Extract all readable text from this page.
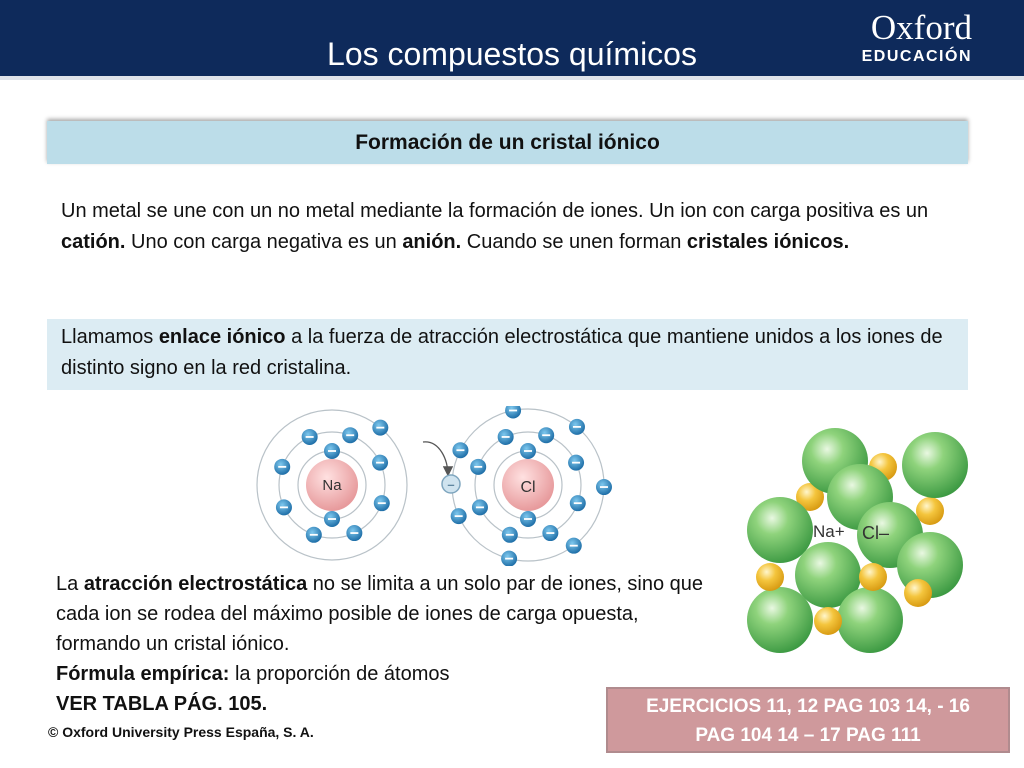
Los compuestos químicos
Oxford
EDUCACIÓN
Formación de un cristal iónico
Un metal se une con un no metal mediante la formación de iones. Un ion con carga positiva es un catión. Uno con carga negativa es un anión. Cuando se unen forman cristales iónicos.
Llamamos enlace iónico a la fuerza de atracción electrostática que mantiene unidos a los iones de distinto signo en la red cristalina.
–
Na	Cl
Na+ Cl–
La atracción electrostática no se limita a un solo par de iones, sino que cada ion se rodea del máximo posible de iones de carga opuesta, formando un cristal iónico.
Fórmula empírica: la proporción de átomos
VER TABLA PÁG. 105.	EJERCICIOS 11, 12 PAG 103 14, - 16
PAG 104 14 – 17 PAG 111
© Oxford University Press España, S. A.
